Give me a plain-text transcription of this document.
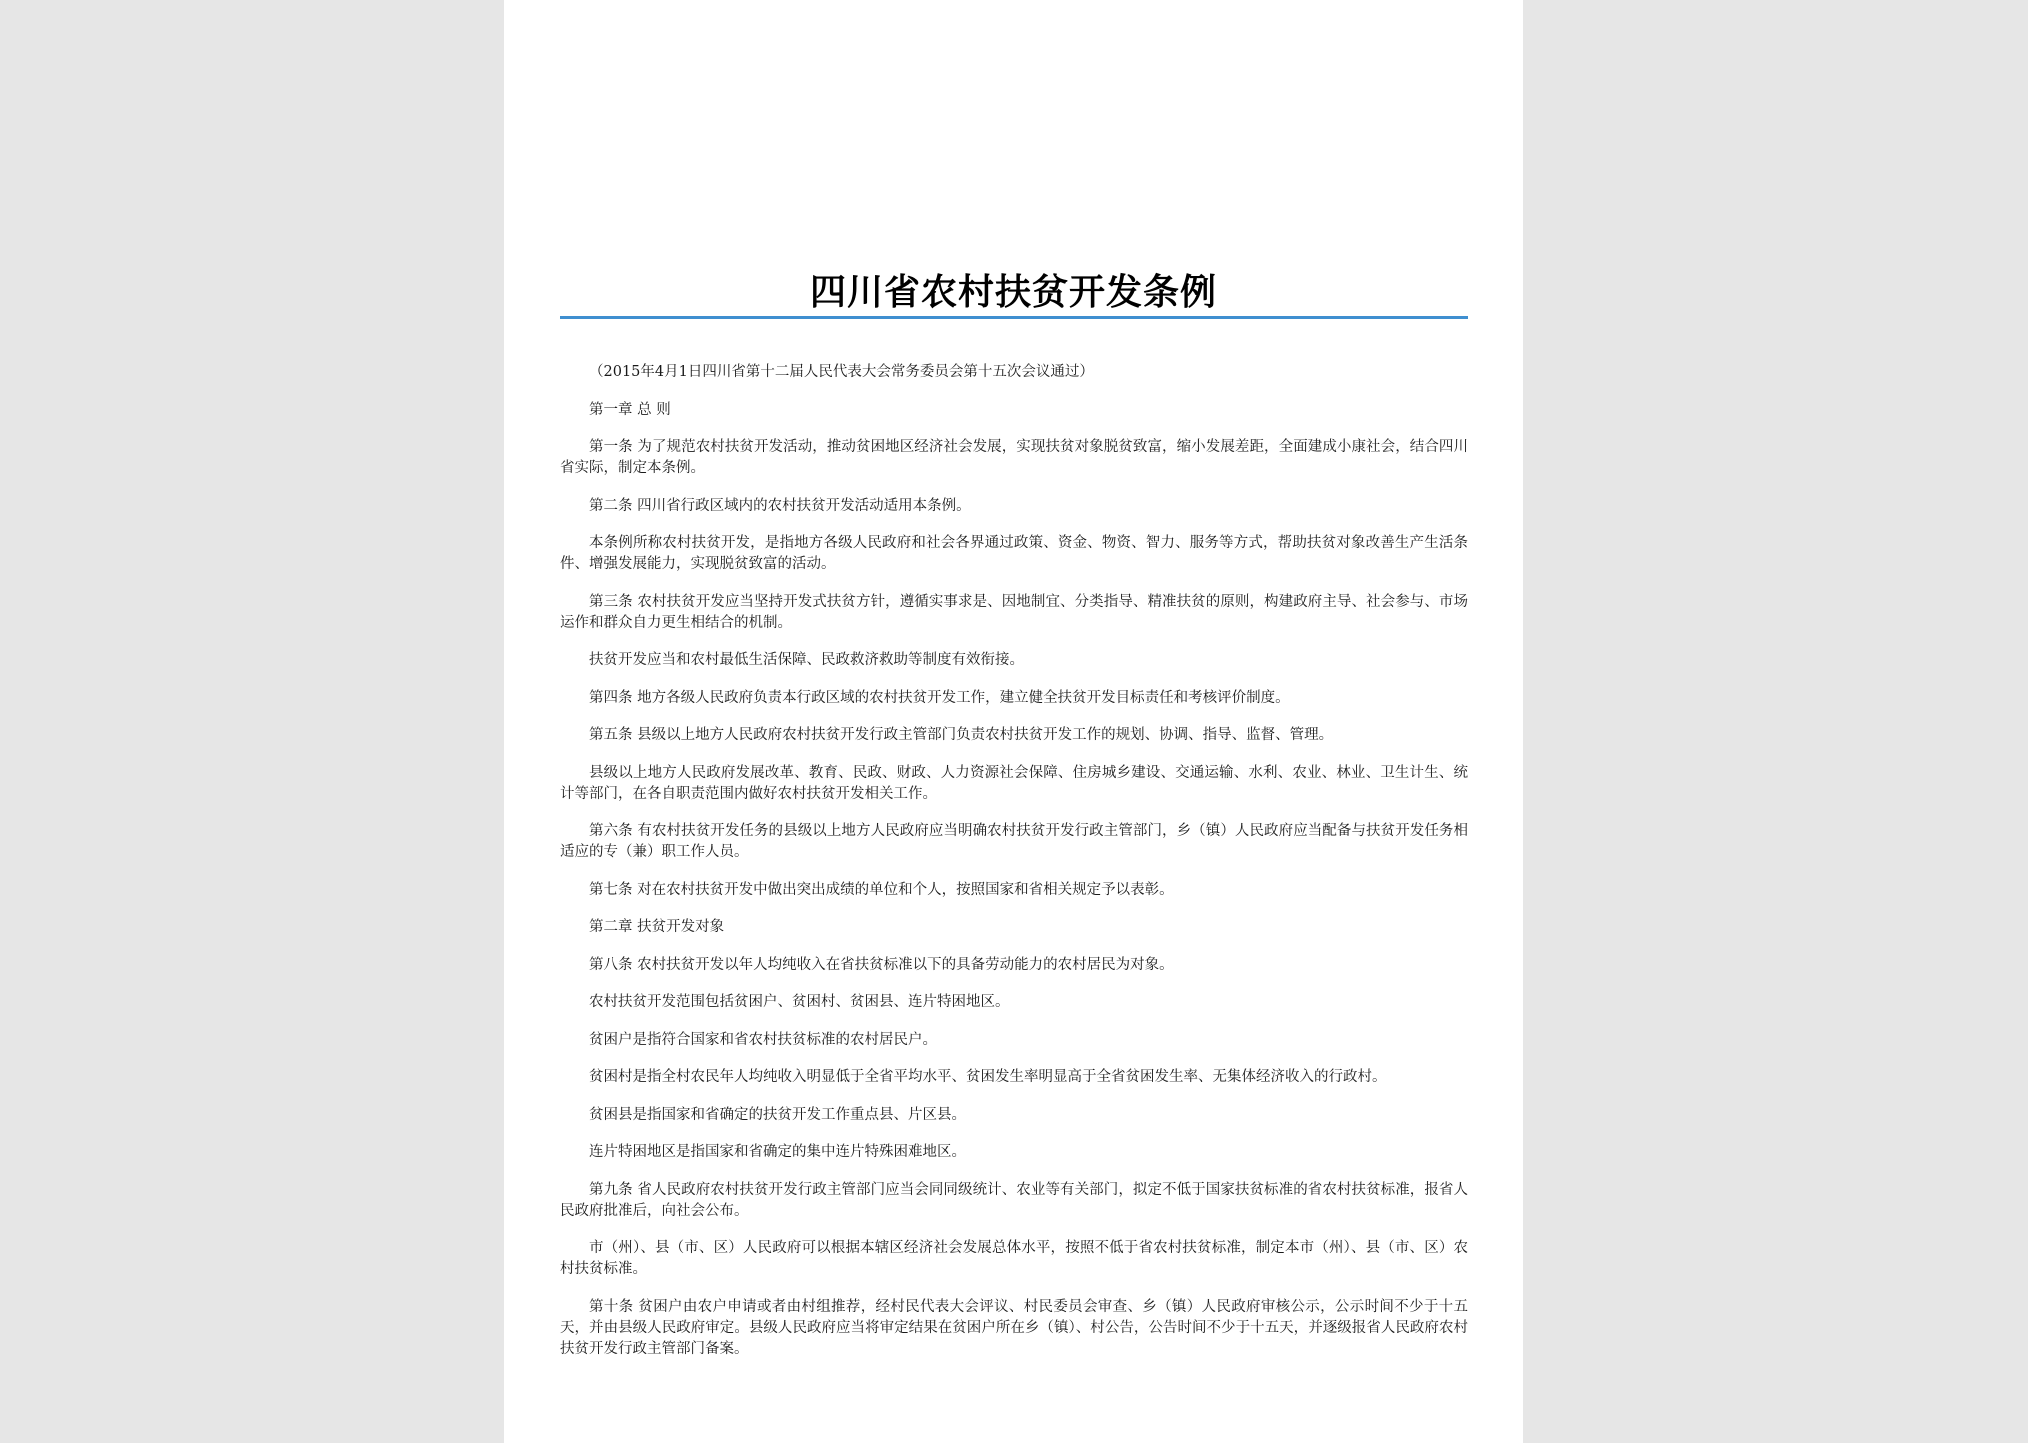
四川省农村扶贫开发条例

（2015年4月1日四川省第十二届人民代表大会常务委员会第十五次会议通过）

第一章 总 则

第一条 为了规范农村扶贫开发活动，推动贫困地区经济社会发展，实现扶贫对象脱贫致富，缩小发展差距，全面建成小康社会，结合四川省实际，制定本条例。

第二条 四川省行政区域内的农村扶贫开发活动适用本条例。

本条例所称农村扶贫开发，是指地方各级人民政府和社会各界通过政策、资金、物资、智力、服务等方式，帮助扶贫对象改善生产生活条件、增强发展能力，实现脱贫致富的活动。

第三条 农村扶贫开发应当坚持开发式扶贫方针，遵循实事求是、因地制宜、分类指导、精准扶贫的原则，构建政府主导、社会参与、市场运作和群众自力更生相结合的机制。

扶贫开发应当和农村最低生活保障、民政救济救助等制度有效衔接。

第四条 地方各级人民政府负责本行政区域的农村扶贫开发工作，建立健全扶贫开发目标责任和考核评价制度。

第五条 县级以上地方人民政府农村扶贫开发行政主管部门负责农村扶贫开发工作的规划、协调、指导、监督、管理。

县级以上地方人民政府发展改革、教育、民政、财政、人力资源社会保障、住房城乡建设、交通运输、水利、农业、林业、卫生计生、统计等部门，在各自职责范围内做好农村扶贫开发相关工作。

第六条 有农村扶贫开发任务的县级以上地方人民政府应当明确农村扶贫开发行政主管部门，乡（镇）人民政府应当配备与扶贫开发任务相适应的专（兼）职工作人员。

第七条 对在农村扶贫开发中做出突出成绩的单位和个人，按照国家和省相关规定予以表彰。

第二章 扶贫开发对象

第八条 农村扶贫开发以年人均纯收入在省扶贫标准以下的具备劳动能力的农村居民为对象。

农村扶贫开发范围包括贫困户、贫困村、贫困县、连片特困地区。

贫困户是指符合国家和省农村扶贫标准的农村居民户。

贫困村是指全村农民年人均纯收入明显低于全省平均水平、贫困发生率明显高于全省贫困发生率、无集体经济收入的行政村。

贫困县是指国家和省确定的扶贫开发工作重点县、片区县。

连片特困地区是指国家和省确定的集中连片特殊困难地区。

第九条 省人民政府农村扶贫开发行政主管部门应当会同同级统计、农业等有关部门，拟定不低于国家扶贫标准的省农村扶贫标准，报省人民政府批准后，向社会公布。

市（州）、县（市、区）人民政府可以根据本辖区经济社会发展总体水平，按照不低于省农村扶贫标准，制定本市（州）、县（市、区）农村扶贫标准。

第十条 贫困户由农户申请或者由村组推荐，经村民代表大会评议、村民委员会审查、乡（镇）人民政府审核公示，公示时间不少于十五天，并由县级人民政府审定。县级人民政府应当将审定结果在贫困户所在乡（镇）、村公告，公告时间不少于十五天，并逐级报省人民政府农村扶贫开发行政主管部门备案。
